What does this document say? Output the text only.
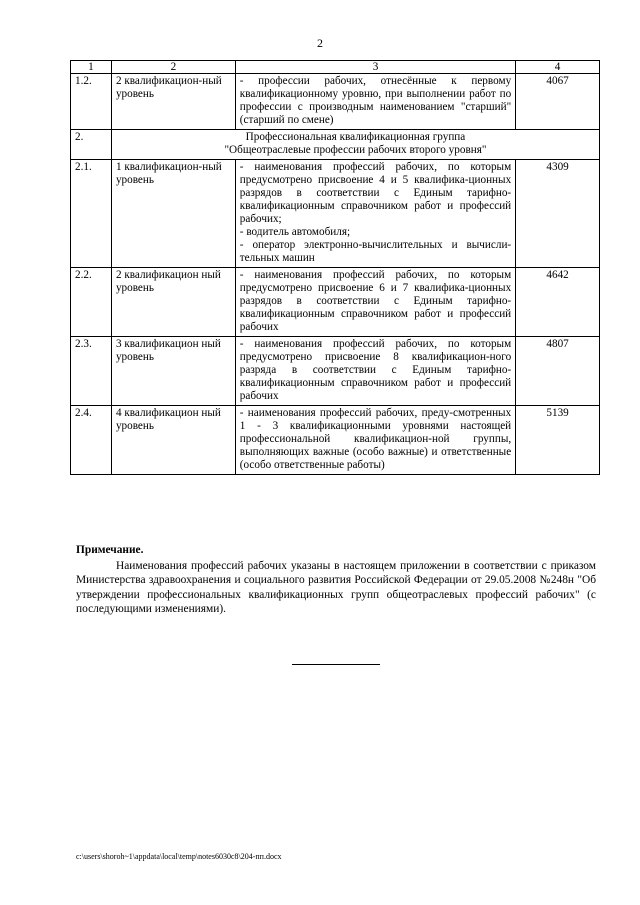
2
1	2	3	4
1.2.	2 квалификацион-ный уровень	- профессии рабочих, отнесённые к первому квалификационному уровню, при выполнении работ по профессии с производным наименованием "старший" (старший по смене)	4067
2.	Профессиональная квалификационная группа
"Общеотраслевые профессии рабочих второго уровня"		

2.1.	1 квалификацион-ный уровень	- наименования профессий рабочих, по которым предусмотрено присвоение 4 и 5 квалифика-ционных разрядов в соответствии с Единым тарифно-квалификационным справочником работ и профессий рабочих;
- водитель автомобиля;
- оператор электронно-вычислительных и вычисли-тельных машин	4309
2.2.	2 квалификацион ный уровень	- наименования профессий рабочих, по которым предусмотрено присвоение 6 и 7 квалифика-ционных разрядов в соответствии с Единым тарифно-квалификационным справочником работ и профессий рабочих	4642
2.3.	3 квалификацион ный уровень	- наименования профессий рабочих, по которым предусмотрено присвоение 8 квалификацион-ного разряда в соответствии с Единым тарифно-квалификационным справочником работ и профессий рабочих	4807
2.4.	4 квалификацион ный уровень	- наименования профессий рабочих, преду-смотренных 1 - 3 квалификационными уровнями настоящей профессиональной квалификацион-ной группы, выполняющих важные (особо важные) и ответственные (особо ответственные работы)	5139
Примечание.
Наименования профессий рабочих указаны в настоящем приложении в соответствии с приказом Министерства здравоохранения и социального развития Российской Федерации от 29.05.2008 №248н "Об утверждении профессиональных квалификационных групп общеотраслевых профессий рабочих" (с последующими изменениями).
c:\users\shoroh~1\appdata\local\temp\notes6030c8\204-пп.docx
